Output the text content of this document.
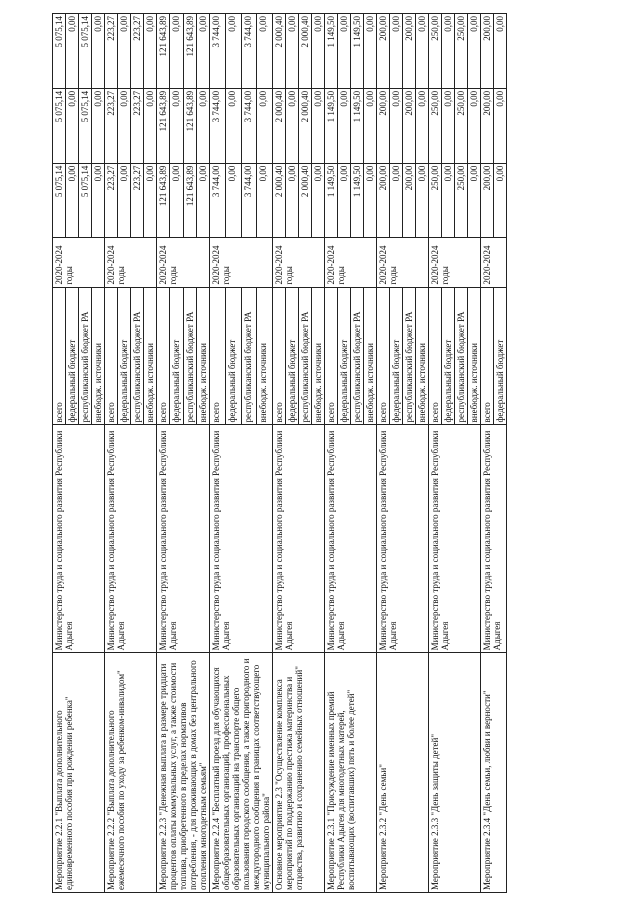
Мероприятие 2.2.1 "Выплата дополнительного единовременного пособия при рождении ребенка"	Министерство труда и социального развития Республики Адыгея	всего	2020-2024 годы	5 075,14	5 075,14	5 075,14
		федеральный бюджет		0,00	0,00	0,00
		республиканский бюджет РА		5 075,14	5 075,14	5 075,14
		внебюдж. источники		0,00	0,00	0,00
Мероприятие 2.2.2 "Выплата дополнительного ежемесячного пособия по уходу за ребенком-инвалидом"	Министерство труда и социального развития Республики Адыгея	всего	2020-2024 годы	223,27	223,27	223,27
		федеральный бюджет		0,00	0,00	0,00
		республиканский бюджет РА		223,27	223,27	223,27
		внебюдж. источники		0,00	0,00	0,00
Мероприятие 2.2.3 "Денежная выплата в размере тридцати процентов оплаты коммунальных услуг, а также стоимости топлива, приобретенного в пределах нормативов потребления, - для проживающих в домах без центрального отопления многодетным семьям"	Министерство труда и социального развития Республики Адыгея	всего	2020-2024 годы	121 643,89	121 643,89	121 643,89
		федеральный бюджет		0,00	0,00	0,00
		республиканский бюджет РА		121 643,89	121 643,89	121 643,89
		внебюдж. источники		0,00	0,00	0,00
Мероприятие 2.2.4 "Бесплатный проезд для обучающихся общеобразовательных организаций, профессиональных образовательных организаций на транспорте общего пользования городского сообщения, а также пригородного и междугородного сообщения в границах соответствующего муниципального района"	Министерство труда и социального развития Республики Адыгея	всего	2020-2024 годы	3 744,00	3 744,00	3 744,00
		федеральный бюджет		0,00	0,00	0,00
		республиканский бюджет РА		3 744,00	3 744,00	3 744,00
		внебюдж. источники		0,00	0,00	0,00
Основное мероприятие 2.3 "Осуществление комплекса мероприятий по поддержанию престижа материнства и отцовства, развитию и сохранению семейных отношений"	Министерство труда и социального развития Республики Адыгея	всего	2020-2024 годы	2 000,40	2 000,40	2 000,40
		федеральный бюджет		0,00	0,00	0,00
		республиканский бюджет РА		2 000,40	2 000,40	2 000,40
		внебюдж. источники		0,00	0,00	0,00
Мероприятие 2.3.1 "Присуждение именных премий Республики Адыгея для многодетных матерей, воспитывающих (воспитавших) пять и более детей"	Министерство труда и социального развития Республики Адыгея	всего	2020-2024 годы	1 149,50	1 149,50	1 149,50
		федеральный бюджет		0,00	0,00	0,00
		республиканский бюджет РА		1 149,50	1 149,50	1 149,50
		внебюдж. источники		0,00	0,00	0,00
Мероприятие 2.3.2 "День семьи"	Министерство труда и социального развития Республики Адыгея	всего	2020-2024 годы	200,00	200,00	200,00
		федеральный бюджет		0,00	0,00	0,00
		республиканский бюджет РА		200,00	200,00	200,00
		внебюдж. источники		0,00	0,00	0,00
Мероприятие 2.3.3 "День защиты детей"	Министерство труда и социального развития Республики Адыгея	всего	2020-2024 годы	250,00	250,00	250,00
		федеральный бюджет		0,00	0,00	0,00
		республиканский бюджет РА		250,00	250,00	250,00
		внебюдж. источники		0,00	0,00	0,00
Мероприятие 2.3.4 "День семьи, любви и верности"	Министерство труда и социального развития Республики Адыгея	всего	2020-2024	200,00	200,00	200,00
		федеральный бюджет		0,00	0,00	0,00
